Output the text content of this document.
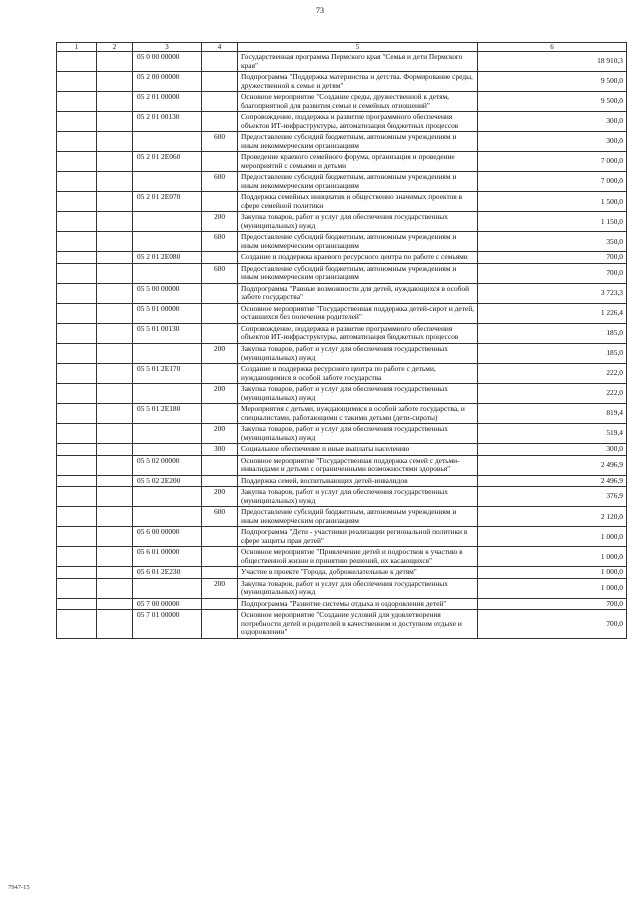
73
1	2	3	4	5	6
		05 0 00 00000		Государственная программа Пермского края "Семья и дети Пермского края"	18 910,3
		05 2 00 00000		Подпрограмма "Поддержка материнства и детства. Формирование среды, дружественной к семье и детям"	9 500,0
		05 2 01 00000		Основное мероприятие "Создание среды, дружественной к детям, благоприятной для развития семьи и семейных отношений"	9 500,0
		05 2 01 00130		Сопровождение, поддержка и развитие программного обеспечения объектов ИТ-инфраструктуры, автоматизация бюджетных процессов	300,0
			600	Предоставление субсидий бюджетным, автономным учреждениям и иным некоммерческим организациям	300,0
		05 2 01 2E060		Проведение краевого семейного форума, организация и проведение мероприятий с семьями и детьми	7 000,0
			600	Предоставление субсидий бюджетным, автономным учреждениям и иным некоммерческим организациям	7 000,0
		05 2 01 2E070		Поддержка семейных инициатив и общественно значимых проектов в сфере семейной политики	1 500,0
			200	Закупка товаров, работ и услуг для обеспечения государственных (муниципальных) нужд	1 150,0
			600	Предоставление субсидий бюджетным, автономным учреждениям и иным некоммерческим организациям	350,0
		05 2 01 2E080		Создание и поддержка краевого ресурсного центра по работе с семьями	700,0
			600	Предоставление субсидий бюджетным, автономным учреждениям и иным некоммерческим организациям	700,0
		05 5 00 00000		Подпрограмма "Равные возможности для детей, нуждающихся в особой заботе государства"	3 723,3
		05 5 01 00000		Основное мероприятие "Государственная поддержка детей-сирот и детей, оставшихся без попечения родителей"	1 226,4
		05 5 01 00130		Сопровождение, поддержка и развитие программного обеспечения объектов ИТ-инфраструктуры, автоматизация бюджетных процессов	185,0
			200	Закупка товаров, работ и услуг для обеспечения государственных (муниципальных) нужд	185,0
		05 5 01 2E170		Создание и поддержка ресурсного центра по работе с детьми, нуждающимися в особой заботе государства	222,0
			200	Закупка товаров, работ и услуг для обеспечения государственных (муниципальных) нужд	222,0
		05 5 01 2E180		Мероприятия с детьми, нуждающимися в особой заботе государства, и специалистами, работающими с такими детьми (дети-сироты)	819,4
			200	Закупка товаров, работ и услуг для обеспечения государственных (муниципальных) нужд	519,4
			300	Социальное обеспечение и иные выплаты населению	300,0
		05 5 02 00000		Основное мероприятие "Государственная поддержка семей с детьми-инвалидами и детьми с ограниченными возможностями здоровья"	2 496,9
		05 5 02 2E200		Поддержка семей, воспитывающих детей-инвалидов	2 496,9
			200	Закупка товаров, работ и услуг для обеспечения государственных (муниципальных) нужд	376,9
			600	Предоставление субсидий бюджетным, автономным учреждениям и иным некоммерческим организациям	2 120,0
		05 6 00 00000		Подпрограмма "Дети - участники реализации региональной политики в сфере защиты прав детей"	1 000,0
		05 6 01 00000		Основное мероприятие "Привлечение детей и подростков к участию в общественной жизни и принятию решений, их касающихся"	1 000,0
		05 6 01 2E230		Участие в проекте "Города, доброжелательные к детям"	1 000,0
			200	Закупка товаров, работ и услуг для обеспечения государственных (муниципальных) нужд	1 000,0
		05 7 00 00000		Подпрограмма "Развитие системы отдыха и оздоровления детей"	700,0
		05 7 01 00000		Основное мероприятие "Создание условий для удовлетворения потребности детей и родителей в качественном и доступном отдыхе и оздоровлении"	700,0
7947-15
